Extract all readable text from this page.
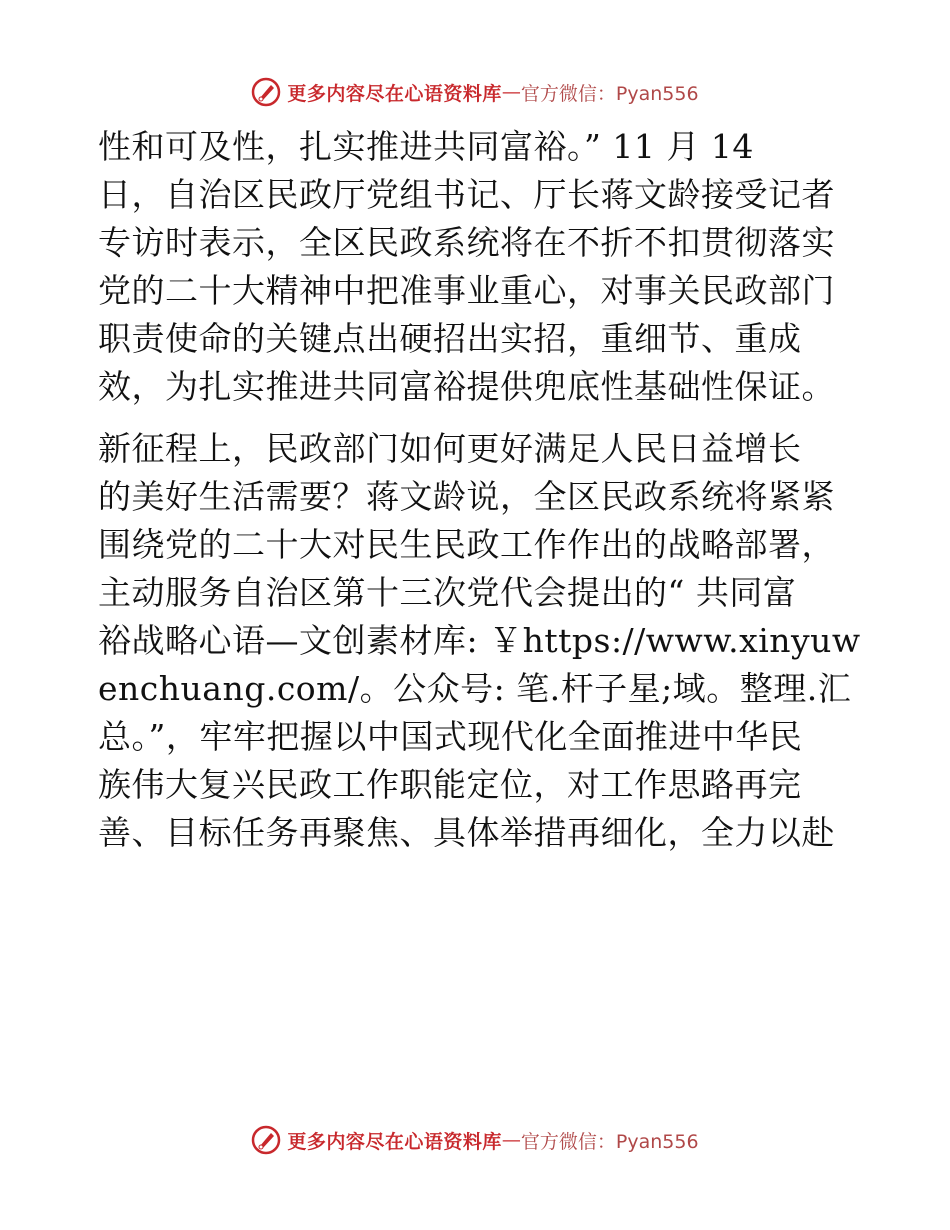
更多内容尽在心语资料库 — 官方微信：Pyan556
性和可及性，扎实推进共同富裕。” 11 月 14
日，自治区民政厅党组书记、厅长蒋文龄接受记者
专访时表示，全区民政系统将在不折不扣贯彻落实
党的二十大精神中把准事业重心，对事关民政部门
职责使命的关键点出硬招出实招，重细节、重成
效，为扎实推进共同富裕提供兜底性基础性保证。
新征程上，民政部门如何更好满足人民日益增长
的美好生活需要？蒋文龄说，全区民政系统将紧紧
围绕党的二十大对民生民政工作作出的战略部署，
主动服务自治区第十三次党代会提出的“ 共同富
裕战略心语—文创素材库: ￥https://www.xinyuw
enchuang.com/。公众号: 笔.杆子星;域。整理.汇
总。”，牢牢把握以中国式现代化全面推进中华民
族伟大复兴民政工作职能定位，对工作思路再完
善、目标任务再聚焦、具体举措再细化，全力以赴
更多内容尽在心语资料库 — 官方微信：Pyan556
